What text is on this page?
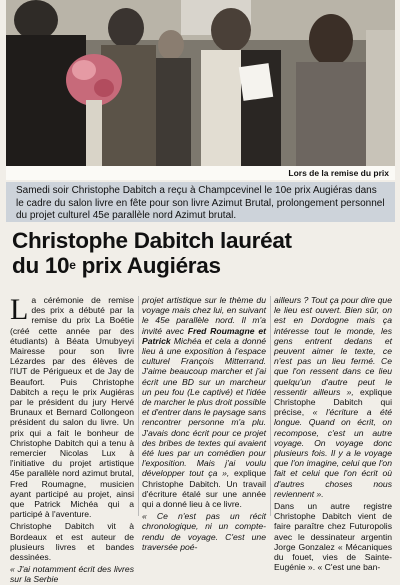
Lors de la remise du prix
Samedi soir Christophe Dabitch a reçu à Champcevinel le 10e prix Augiéras dans le cadre du salon livre en fête pour son livre Azimut Brutal, prolongement personnel du projet culturel 45e parallèle nord Azimut brutal.
Christophe Dabitch lauréat
du 10e prix Augiéras

La cérémonie de remise des prix a débuté par la remise du prix La Boétie (créé cette année par des étudiants) à Béata Umubyeyi Mairesse pour son livre Lézardes par des élèves de l'IUT de Périgueux et de Jay de Beaufort. Puis Christophe Dabitch a reçu le prix Augiéras par le président du jury Hervé Brunaux et Bernard Collongeon président du salon du livre. Un prix qui a fait le bonheur de Christophe Dabitch qui a tenu à remercier Nicolas Lux à l'initiative du projet artistique 45e parallèle nord azimut brutal, Fred Roumagne, musicien ayant participé au projet, ainsi que Patrick Michéa qui a participé à l'aventure.

Christophe Dabitch vit à Bordeaux et est auteur de plusieurs livres et bandes dessinées.

« J'ai notamment écrit des livres sur la Serbie

projet artistique sur le thème du voyage mais chez lui, en suivant le 45e parallèle nord. Il m'a invité avec Fred Roumagne et Patrick Michéa et cela a donné lieu à une exposition à l'espace culturel François Mitterrand. J'aime beaucoup marcher et j'ai écrit une BD sur un marcheur un peu fou (Le captivé) et l'idée de marcher le plus droit possible et d'entrer dans le paysage sans rencontrer personne m'a plu. J'avais donc écrit pour ce projet des bribes de textes qui avaient été lues par un comédien pour l'exposition. Mais j'ai voulu développer tout ça », explique Christophe Dabitch. Un travail d'écriture étalé sur une année qui a donné lieu à ce livre.

« Ce n'est pas un récit chronologique, ni un compte-rendu de voyage. C'est une traversée poé-

ailleurs ? Tout ça pour dire que le lieu est ouvert. Bien sûr, on est en Dordogne mais ça intéresse tout le monde, les gens entrent dedans et peuvent aimer le texte, ce n'est pas un lieu fermé. Ce que l'on ressent dans ce lieu quelqu'un d'autre peut le ressentir ailleurs », explique Christophe Dabitch qui précise, « l'écriture a été longue. Quand on écrit, on recompose, c'est un autre voyage. On voyage donc plusieurs fois. Il y a le voyage que l'on imagine, celui que l'on fait et celui que l'on écrit où d'autres choses nous reviennent ».

Dans un autre registre Christophe Dabitch vient de faire paraître chez Futuropolis avec le dessinateur argentin Jorge Gonzalez « Mécaniques du fouet, vies de Sainte-Eugénie ». « C'est une ban-
